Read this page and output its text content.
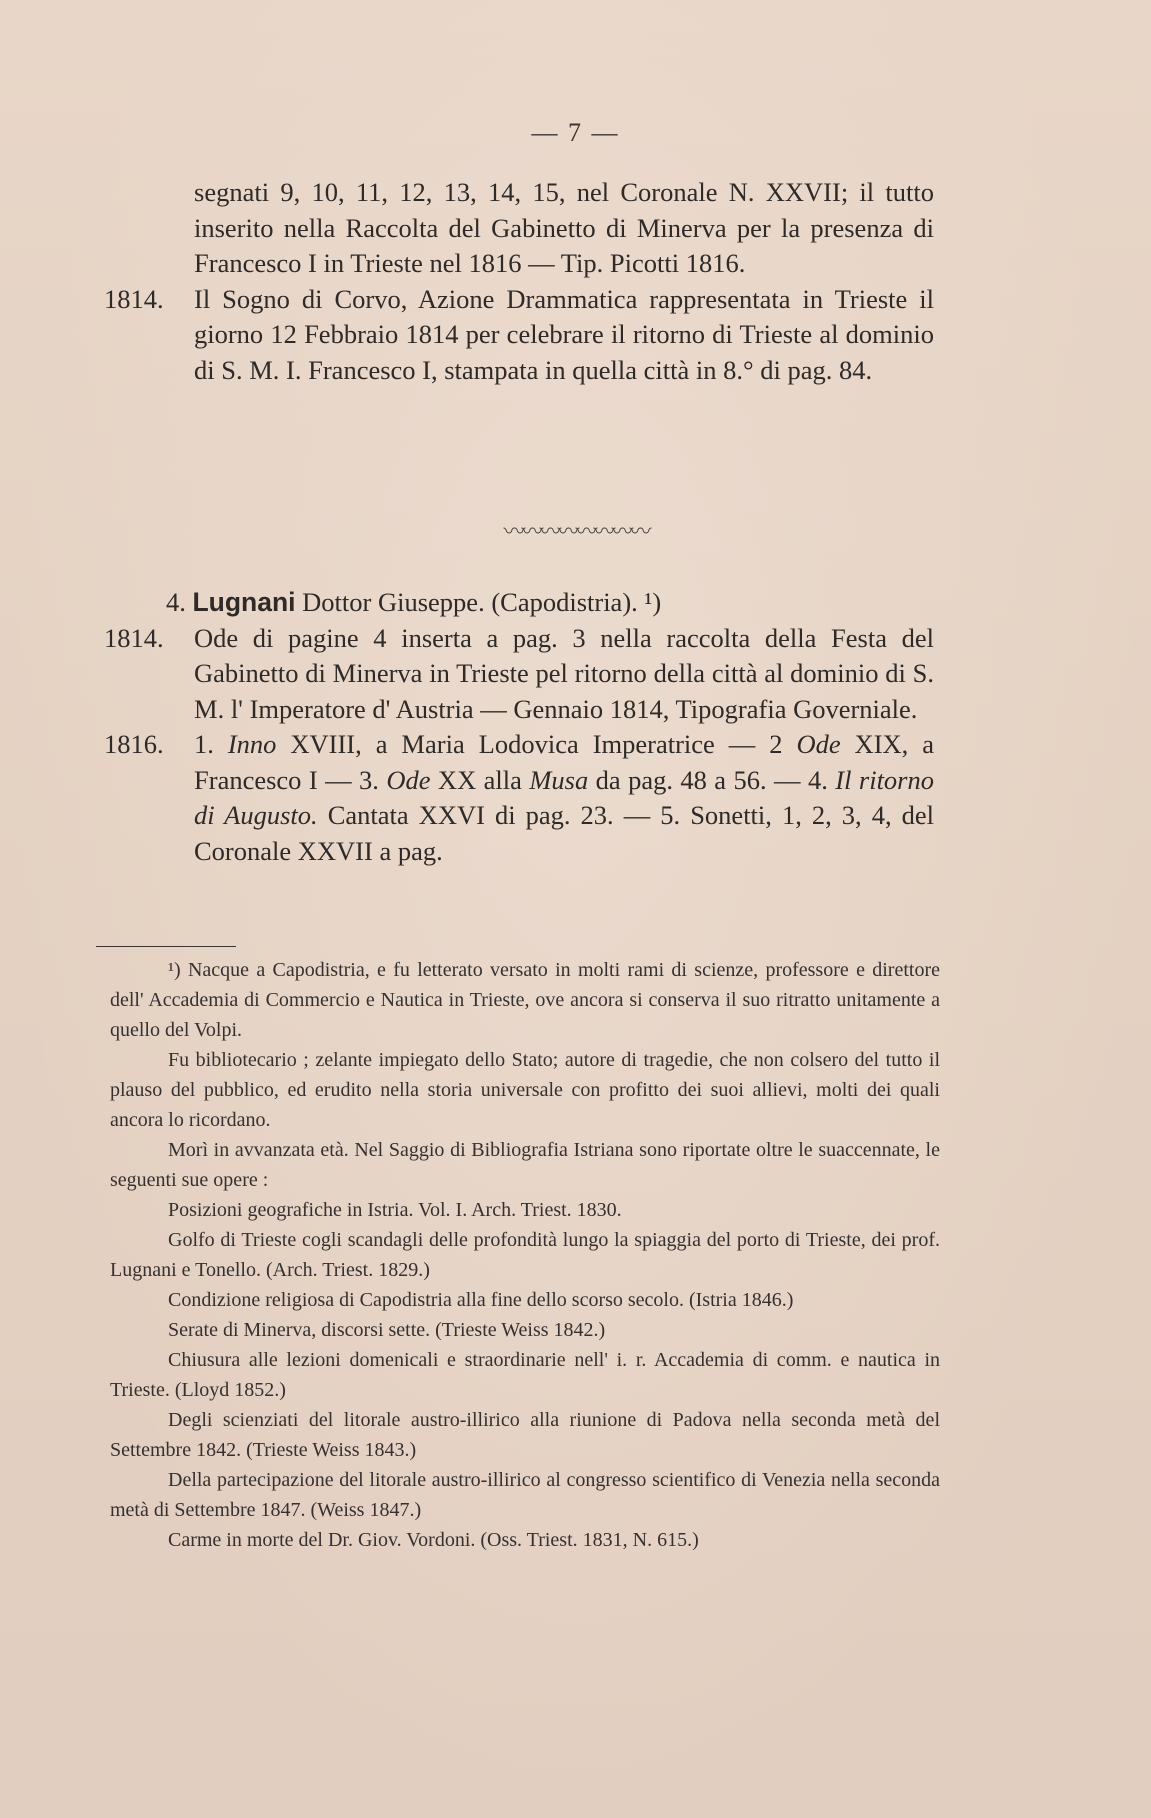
— 7 —
segnati 9, 10, 11, 12, 13, 14, 15, nel Coronale N. XXVII; il tutto inserito nella Raccolta del Gabinetto di Minerva per la presenza di Francesco I in Trieste nel 1816 — Tip. Picotti 1816.
1814. Il Sogno di Corvo, Azione Drammatica rappresentata in Trieste il giorno 12 Febbraio 1814 per celebrare il ritorno di Trieste al dominio di S. M. I. Francesco I, stampata in quella città in 8.° di pag. 84.
〰〰〰〰〰〰〰〰
4. Lugnani Dottor Giuseppe. (Capodistria). ¹)
1814. Ode di pagine 4 inserta a pag. 3 nella raccolta della Festa del Gabinetto di Minerva in Trieste pel ritorno della città al dominio di S. M. l' Imperatore d' Austria — Gennaio 1814, Tipografia Governiale.
1816. 1. Inno XVIII, a Maria Lodovica Imperatrice — 2 Ode XIX, a Francesco I — 3. Ode XX alla Musa da pag. 48 a 56. — 4. Il ritorno di Augusto. Cantata XXVI di pag. 23. — 5. Sonetti, 1, 2, 3, 4, del Coronale XXVII a pag.

¹) Nacque a Capodistria, e fu letterato versato in molti rami di scienze, professore e direttore dell' Accademia di Commercio e Nautica in Trieste, ove ancora si conserva il suo ritratto unitamente a quello del Volpi.

Fu bibliotecario ; zelante impiegato dello Stato; autore di tragedie, che non colsero del tutto il plauso del pubblico, ed erudito nella storia universale con profitto dei suoi allievi, molti dei quali ancora lo ricordano.

Morì in avvanzata età. Nel Saggio di Bibliografia Istriana sono riportate oltre le suaccennate, le seguenti sue opere :

Posizioni geografiche in Istria. Vol. I. Arch. Triest. 1830.

Golfo di Trieste cogli scandagli delle profondità lungo la spiaggia del porto di Trieste, dei prof. Lugnani e Tonello. (Arch. Triest. 1829.)

Condizione religiosa di Capodistria alla fine dello scorso secolo. (Istria 1846.)

Serate di Minerva, discorsi sette. (Trieste Weiss 1842.)

Chiusura alle lezioni domenicali e straordinarie nell' i. r. Accademia di comm. e nautica in Trieste. (Lloyd 1852.)

Degli scienziati del litorale austro-illirico alla riunione di Padova nella seconda metà del Settembre 1842. (Trieste Weiss 1843.)

Della partecipazione del litorale austro-illirico al congresso scientifico di Venezia nella seconda metà di Settembre 1847. (Weiss 1847.)

Carme in morte del Dr. Giov. Vordoni. (Oss. Triest. 1831, N. 615.)
